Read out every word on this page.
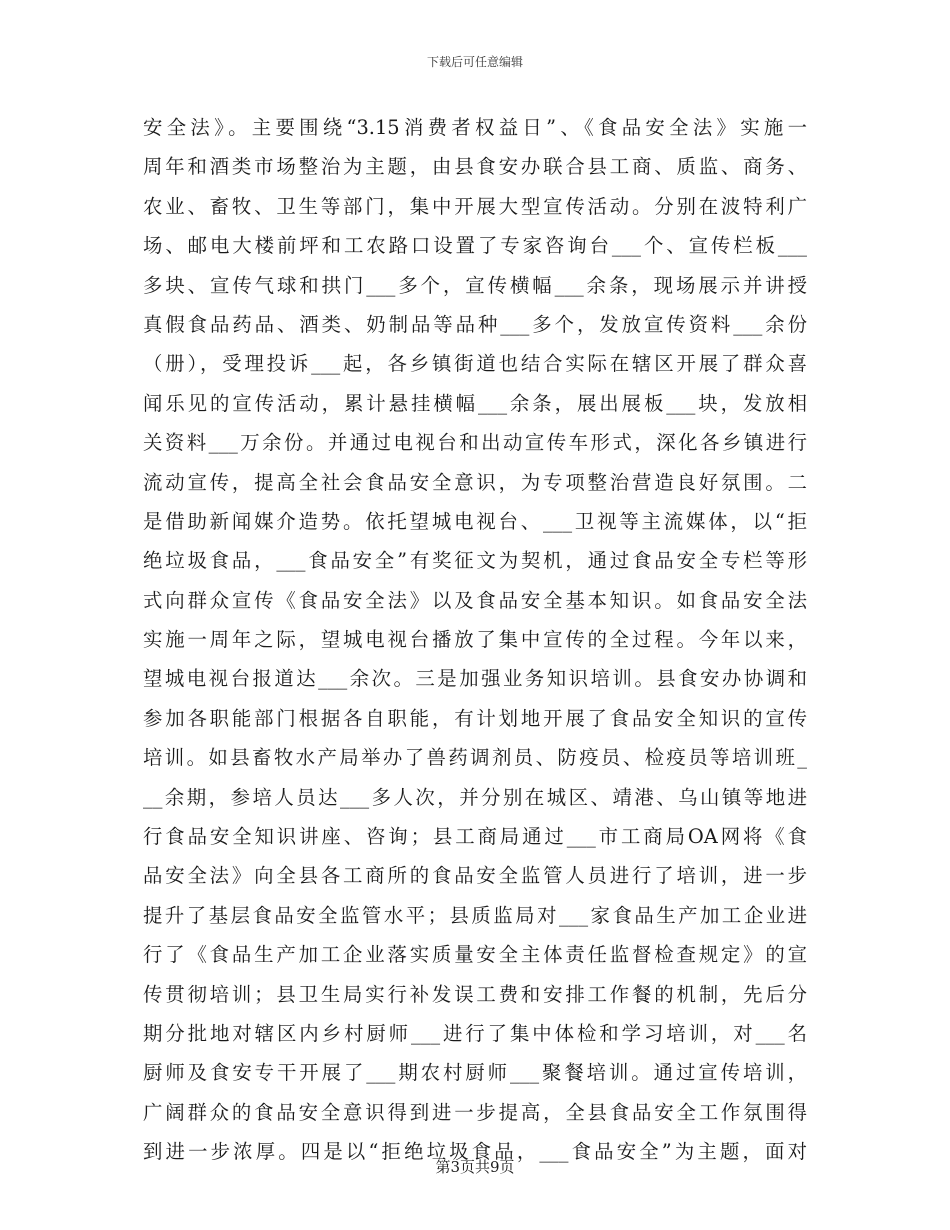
下载后可任意编辑
安全法》。主要围绕“3.15消费者权益日”、《食品安全法》实施一
周年和酒类市场整治为主题，由县食安办联合县工商、质监、商务、
农业、畜牧、卫生等部门，集中开展大型宣传活动。分别在波特利广
场、邮电大楼前坪和工农路口设置了专家咨询台___个、宣传栏板___
多块、宣传气球和拱门___多个，宣传横幅___余条，现场展示并讲授
真假食品药品、酒类、奶制品等品种___多个，发放宣传资料___余份
（册），受理投诉___起，各乡镇街道也结合实际在辖区开展了群众喜
闻乐见的宣传活动，累计悬挂横幅___余条，展出展板___块，发放相
关资料___万余份。并通过电视台和出动宣传车形式，深化各乡镇进行
流动宣传，提高全社会食品安全意识，为专项整治营造良好氛围。二
是借助新闻媒介造势。依托望城电视台、___卫视等主流媒体，以“拒
绝垃圾食品，___食品安全”有奖征文为契机，通过食品安全专栏等形
式向群众宣传《食品安全法》以及食品安全基本知识。如食品安全法
实施一周年之际，望城电视台播放了集中宣传的全过程。今年以来，
望城电视台报道达___余次。三是加强业务知识培训。县食安办协调和
参加各职能部门根据各自职能，有计划地开展了食品安全知识的宣传
培训。如县畜牧水产局举办了兽药调剂员、防疫员、检疫员等培训班_
__余期，参培人员达___多人次，并分别在城区、靖港、乌山镇等地进
行食品安全知识讲座、咨询；县工商局通过___市工商局OA网将《食
品安全法》向全县各工商所的食品安全监管人员进行了培训，进一步
提升了基层食品安全监管水平；县质监局对___家食品生产加工企业进
行了《食品生产加工企业落实质量安全主体责任监督检查规定》的宣
传贯彻培训；县卫生局实行补发误工费和安排工作餐的机制，先后分
期分批地对辖区内乡村厨师___进行了集中体检和学习培训，对___名
厨师及食安专干开展了___期农村厨师___聚餐培训。通过宣传培训，
广阔群众的食品安全意识得到进一步提高，全县食品安全工作氛围得
到进一步浓厚。四是以“拒绝垃圾食品，___食品安全”为主题，面对
第3页共9页
